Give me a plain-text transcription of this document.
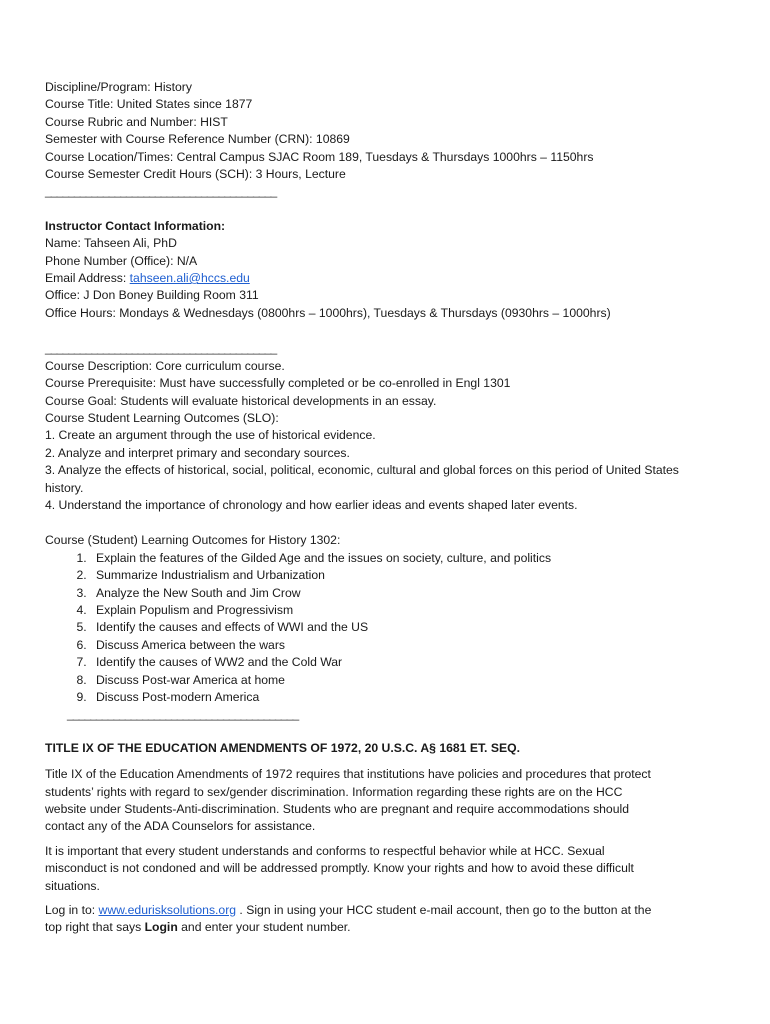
Discipline/Program: History

Course Title: United States since 1877

Course Rubric and Number: HIST

Semester with Course Reference Number (CRN): 10869

Course Location/Times: Central Campus SJAC Room 189, Tuesdays & Thursdays 1000hrs – 1150hrs

Course Semester Credit Hours (SCH): 3 Hours, Lecture

________________________________________

Instructor Contact Information:

Name: Tahseen Ali, PhD

Phone Number (Office): N/A

Email Address: tahseen.ali@hccs.edu

Office: J Don Boney Building Room 311

Office Hours: Mondays & Wednesdays (0800hrs – 1000hrs), Tuesdays & Thursdays (0930hrs – 1000hrs)

________________________________________

Course Description: Core curriculum course.

Course Prerequisite: Must have successfully completed or be co-enrolled in Engl 1301

Course Goal: Students will evaluate historical developments in an essay.

Course Student Learning Outcomes (SLO):

1. Create an argument through the use of historical evidence.

2. Analyze and interpret primary and secondary sources.

3. Analyze the effects of historical, social, political, economic, cultural and global forces on this period of United States history.

4. Understand the importance of chronology and how earlier ideas and events shaped later events.

Course (Student) Learning Outcomes for History 1302:

1. Explain the features of the Gilded Age and the issues on society, culture, and politics
2. Summarize Industrialism and Urbanization
3. Analyze the New South and Jim Crow
4. Explain Populism and Progressivism
5. Identify the causes and effects of WWI and the US
6. Discuss America between the wars
7. Identify the causes of WW2 and the Cold War
8. Discuss Post-war America at home
9. Discuss Post-modern America

________________________________________

TITLE IX OF THE EDUCATION AMENDMENTS OF 1972, 20 U.S.C. A§ 1681 ET. SEQ.

Title IX of the Education Amendments of 1972 requires that institutions have policies and procedures that protect students’ rights with regard to sex/gender discrimination. Information regarding these rights are on the HCC website under Students-Anti-discrimination. Students who are pregnant and require accommodations should contact any of the ADA Counselors for assistance.

It is important that every student understands and conforms to respectful behavior while at HCC. Sexual misconduct is not condoned and will be addressed promptly. Know your rights and how to avoid these difficult situations.

Log in to: www.edurisksolutions.org . Sign in using your HCC student e-mail account, then go to the button at the top right that says Login and enter your student number.
